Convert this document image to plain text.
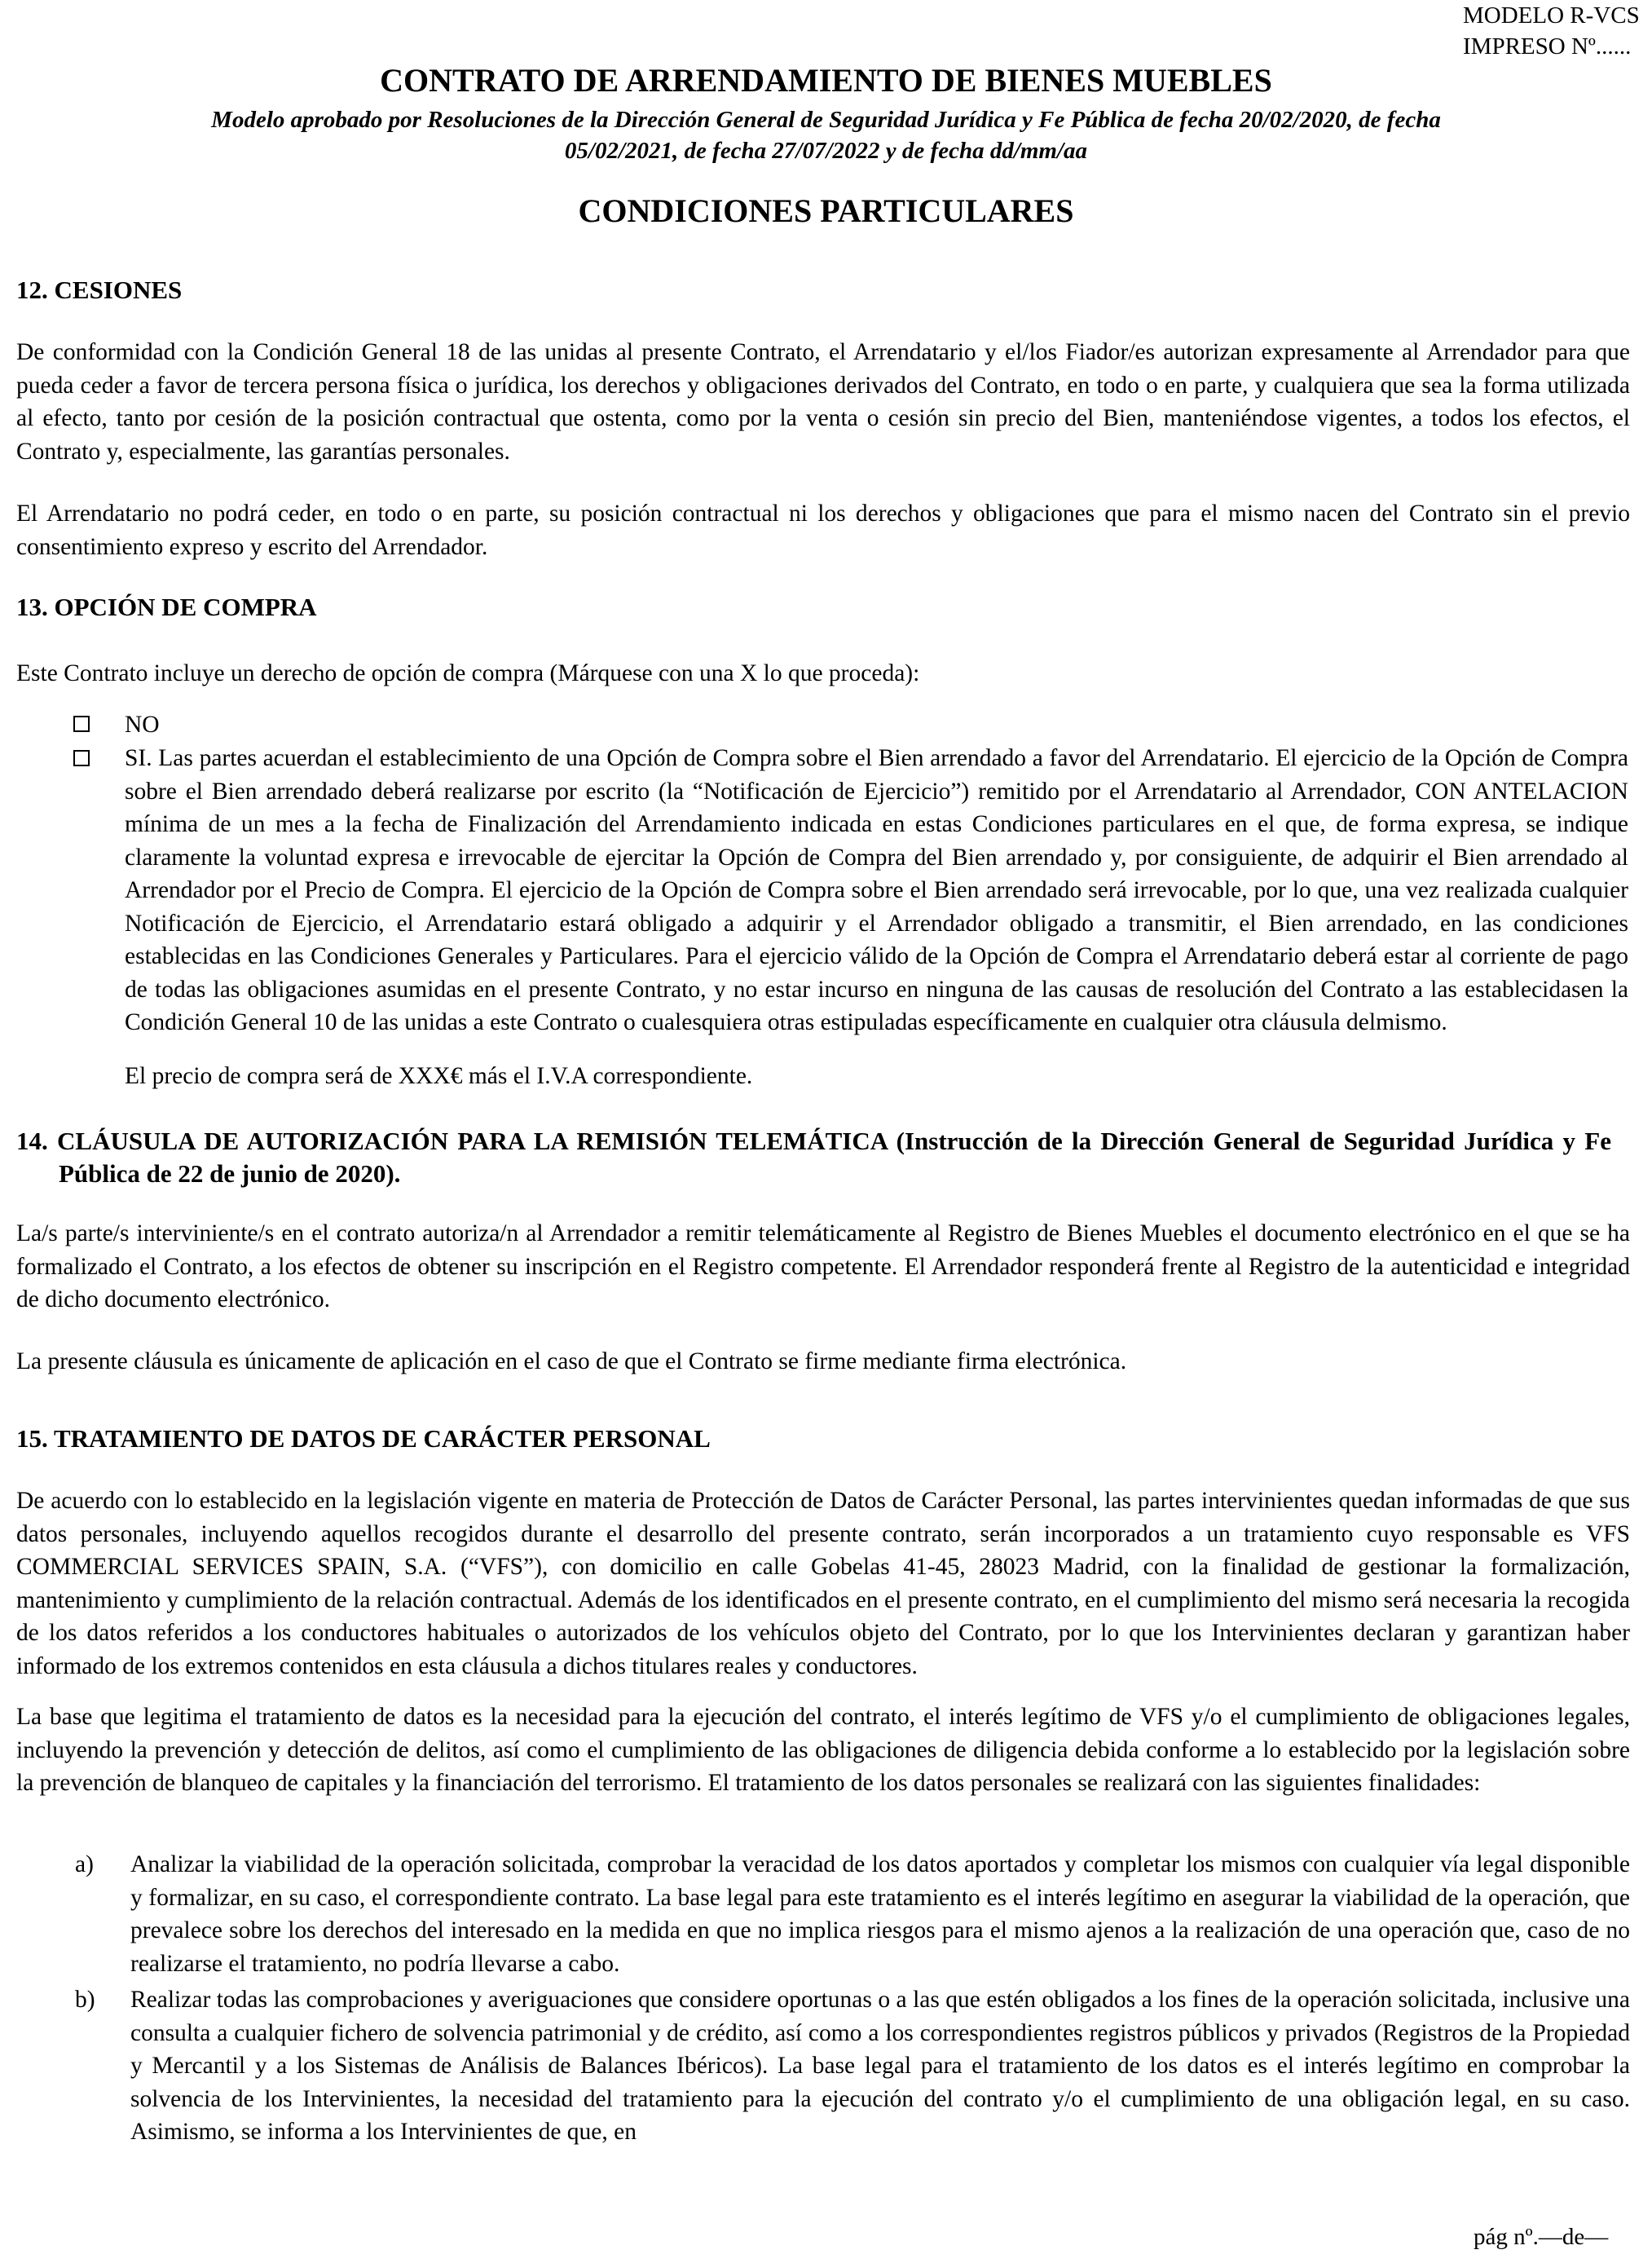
MODELO R-VCS
IMPRESO Nº......
CONTRATO DE ARRENDAMIENTO DE BIENES MUEBLES
Modelo aprobado por Resoluciones de la Dirección General de Seguridad Jurídica y Fe Pública de fecha 20/02/2020, de fecha
05/02/2021, de fecha 27/07/2022 y de fecha dd/mm/aa
CONDICIONES PARTICULARES
12. CESIONES
De conformidad con la Condición General 18 de las unidas al presente Contrato, el Arrendatario y el/los Fiador/es autorizan expresamente al Arrendador para que pueda ceder a favor de tercera persona física o jurídica, los derechos y obligaciones derivados del Contrato, en todo o en parte, y cualquiera que sea la forma utilizada al efecto, tanto por cesión de la posición contractual que ostenta, como por la venta o cesión sin precio del Bien, manteniéndose vigentes, a todos los efectos, el Contrato y, especialmente, las garantías personales.
El Arrendatario no podrá ceder, en todo o en parte, su posición contractual ni los derechos y obligaciones que para el mismo nacen del Contrato sin el previo consentimiento expreso y escrito del Arrendador.
13. OPCIÓN DE COMPRA
Este Contrato incluye un derecho de opción de compra (Márquese con una X lo que proceda):
NO
SI. Las partes acuerdan el establecimiento de una Opción de Compra sobre el Bien arrendado a favor del Arrendatario. El ejercicio de la Opción de Compra sobre el Bien arrendado deberá realizarse por escrito (la “Notificación de Ejercicio”) remitido por el Arrendatario al Arrendador, CON ANTELACION mínima de un mes a la fecha de Finalización del Arrendamiento indicada en estas Condiciones particulares en el que, de forma expresa, se indique claramente la voluntad expresa e irrevocable de ejercitar la Opción de Compra del Bien arrendado y, por consiguiente, de adquirir el Bien arrendado al Arrendador por el Precio de Compra. El ejercicio de la Opción de Compra sobre el Bien arrendado será irrevocable, por lo que, una vez realizada cualquier Notificación de Ejercicio, el Arrendatario estará obligado a adquirir y el Arrendador obligado a transmitir, el Bien arrendado, en las condiciones establecidas en las Condiciones Generales y Particulares. Para el ejercicio válido de la Opción de Compra el Arrendatario deberá estar al corriente de pago de todas las obligaciones asumidas en el presente Contrato, y no estar incurso en ninguna de las causas de resolución del Contrato a las establecidasen la Condición General 10 de las unidas a este Contrato o cualesquiera otras estipuladas específicamente en cualquier otra cláusula delmismo.
El precio de compra será de XXX€ más el I.V.A correspondiente.
14. CLÁUSULA DE AUTORIZACIÓN PARA LA REMISIÓN TELEMÁTICA (Instrucción de la Dirección General de Seguridad Jurídica y Fe Pública de 22 de junio de 2020).
La/s parte/s interviniente/s en el contrato autoriza/n al Arrendador a remitir telemáticamente al Registro de Bienes Muebles el documento electrónico en el que se ha formalizado el Contrato, a los efectos de obtener su inscripción en el Registro competente. El Arrendador responderá frente al Registro de la autenticidad e integridad de dicho documento electrónico.
La presente cláusula es únicamente de aplicación en el caso de que el Contrato se firme mediante firma electrónica.
15. TRATAMIENTO DE DATOS DE CARÁCTER PERSONAL
De acuerdo con lo establecido en la legislación vigente en materia de Protección de Datos de Carácter Personal, las partes intervinientes quedan informadas de que sus datos personales, incluyendo aquellos recogidos durante el desarrollo del presente contrato, serán incorporados a un tratamiento cuyo responsable es VFS COMMERCIAL SERVICES SPAIN, S.A. (“VFS”), con domicilio en calle Gobelas 41-45, 28023 Madrid, con la finalidad de gestionar la formalización, mantenimiento y cumplimiento de la relación contractual. Además de los identificados en el presente contrato, en el cumplimiento del mismo será necesaria la recogida de los datos referidos a los conductores habituales o autorizados de los vehículos objeto del Contrato, por lo que los Intervinientes declaran y garantizan haber informado de los extremos contenidos en esta cláusula a dichos titulares reales y conductores.
La base que legitima el tratamiento de datos es la necesidad para la ejecución del contrato, el interés legítimo de VFS y/o el cumplimiento de obligaciones legales, incluyendo la prevención y detección de delitos, así como el cumplimiento de las obligaciones de diligencia debida conforme a lo establecido por la legislación sobre la prevención de blanqueo de capitales y la financiación del terrorismo. El tratamiento de los datos personales se realizará con las siguientes finalidades:
a) Analizar la viabilidad de la operación solicitada, comprobar la veracidad de los datos aportados y completar los mismos con cualquier vía legal disponible y formalizar, en su caso, el correspondiente contrato. La base legal para este tratamiento es el interés legítimo en asegurar la viabilidad de la operación, que prevalece sobre los derechos del interesado en la medida en que no implica riesgos para el mismo ajenos a la realización de una operación que, caso de no realizarse el tratamiento, no podría llevarse a cabo.
b) Realizar todas las comprobaciones y averiguaciones que considere oportunas o a las que estén obligados a los fines de la operación solicitada, inclusive una consulta a cualquier fichero de solvencia patrimonial y de crédito, así como a los correspondientes registros públicos y privados (Registros de la Propiedad y Mercantil y a los Sistemas de Análisis de Balances Ibéricos). La base legal para el tratamiento de los datos es el interés legítimo en comprobar la solvencia de los Intervinientes, la necesidad del tratamiento para la ejecución del contrato y/o el cumplimiento de una obligación legal, en su caso. Asimismo, se informa a los Intervinientes de que, en
pág nº.—de—
